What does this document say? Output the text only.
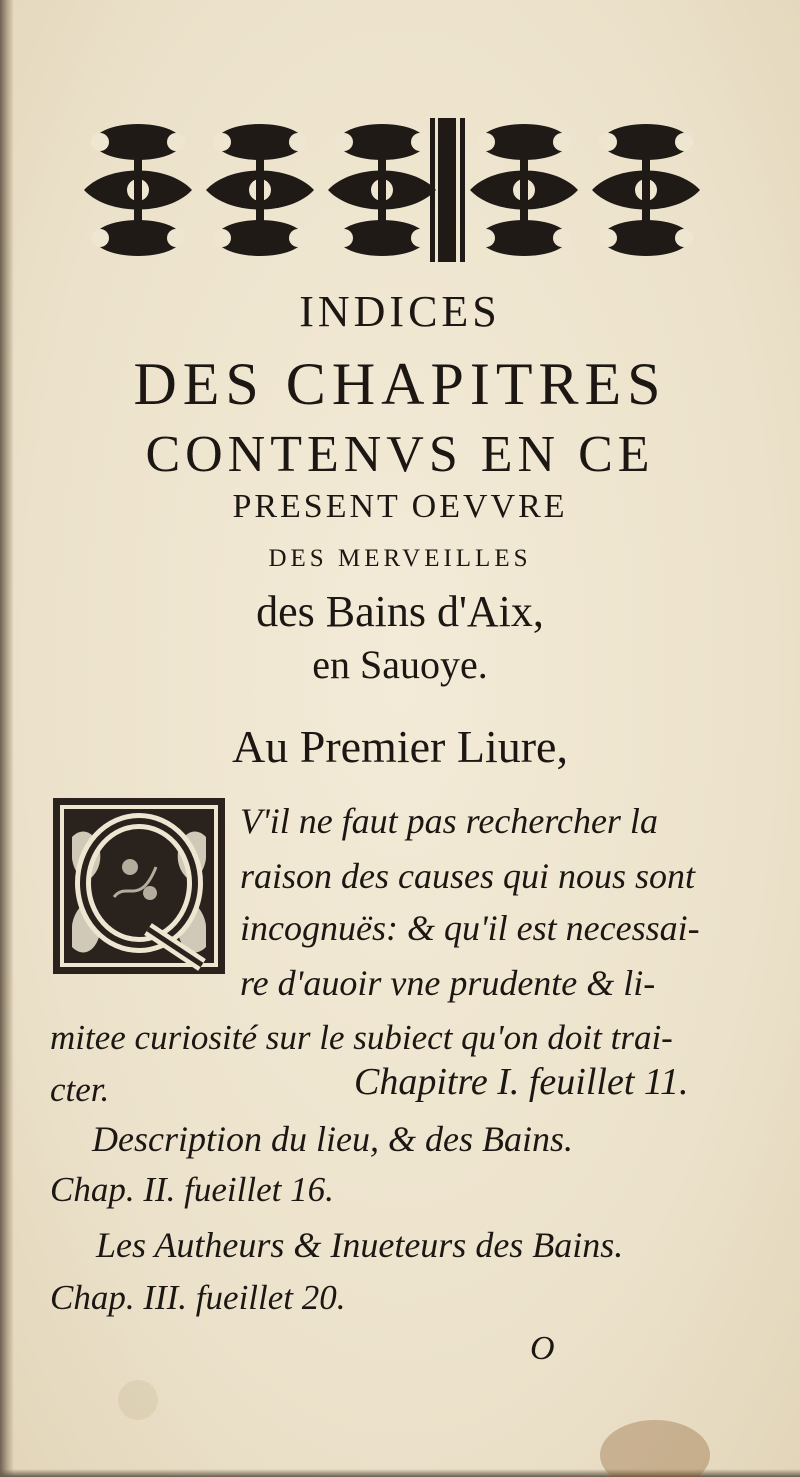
INDICES

DES CHAPITRES

CONTENVS EN CE

PRESENT OEVVRE

DES MERVEILLES

des Bains d'Aix,

en Sauoye.

Au Premier Liure,

V'il ne faut pas rechercher la

raison des causes qui nous sont

incognuës: & qu'il est necessai-

re d'auoir vne prudente & li-

mitee curiosité sur le subiect qu'on doit trai-

cter.	Chapitre I. feuillet 11.

Description du lieu, & des Bains.

Chap. II. fueillet 16.

Les Autheurs & Inueteurs des Bains.

Chap. III. fueillet 20.

O
